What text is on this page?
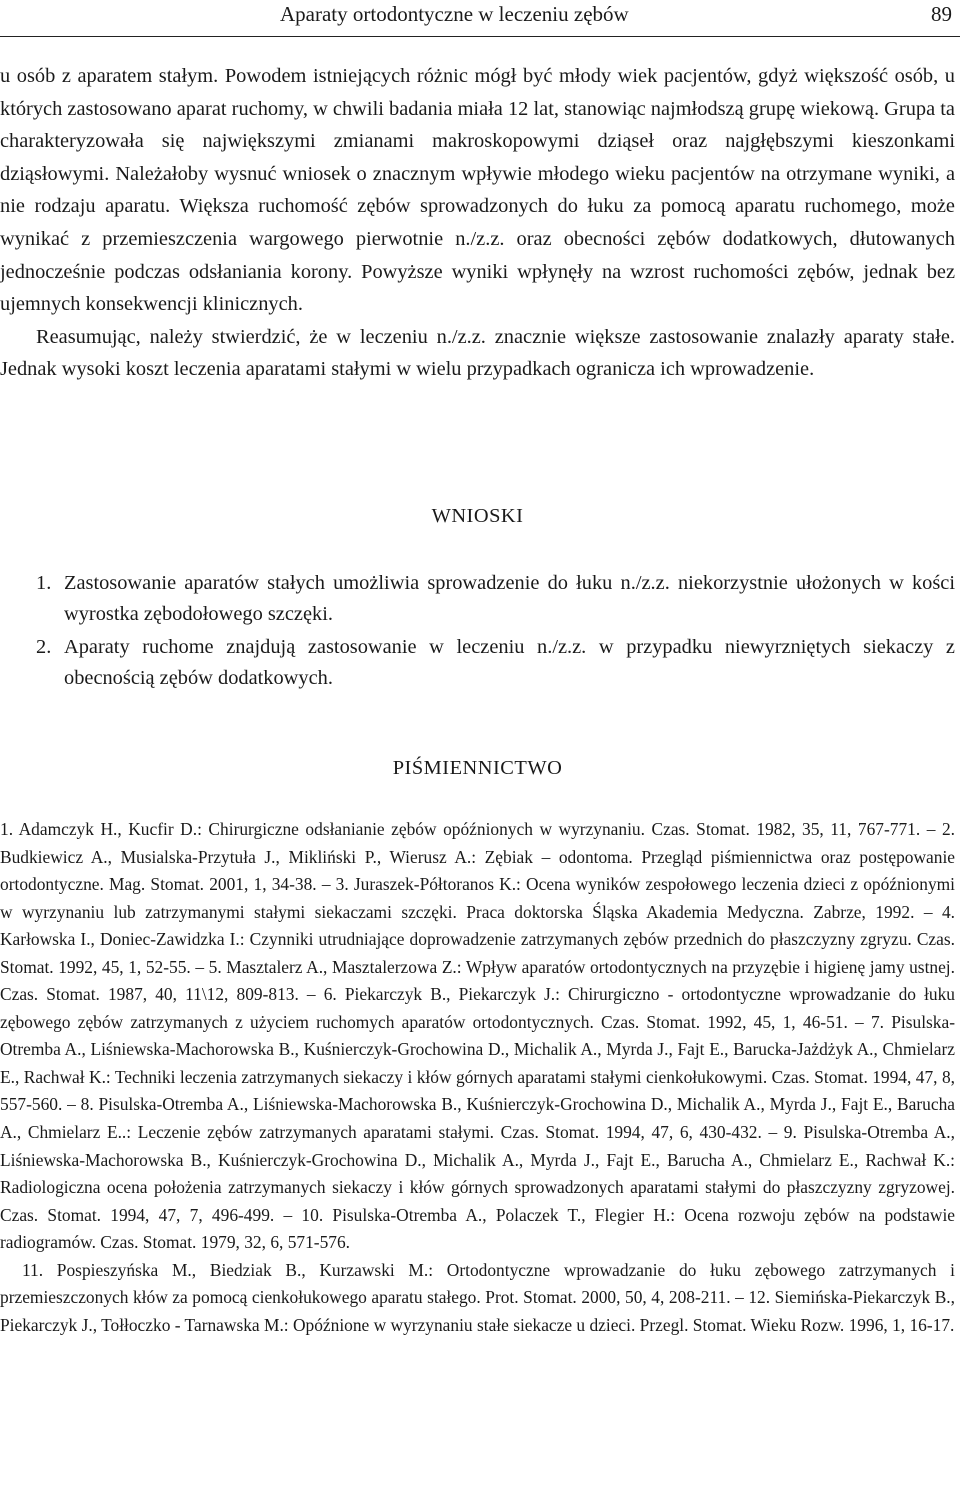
Aparaty ortodontyczne w leczeniu zębów	89

u osób z aparatem stałym. Powodem istniejących różnic mógł być młody wiek pacjentów, gdyż większość osób, u których zastosowano aparat ruchomy, w chwili badania miała 12 lat, stanowiąc najmłodszą grupę wiekową. Grupa ta charakteryzowała się największymi zmianami makroskopowymi dziąseł oraz najgłębszymi kieszonkami dziąsłowymi. Należałoby wysnuć wniosek o znacznym wpływie młodego wieku pacjentów na otrzymane wyniki, a nie rodzaju aparatu. Większa ruchomość zębów sprowadzonych do łuku za pomocą aparatu ruchomego, może wynikać z przemieszczenia wargowego pierwotnie n./z.z. oraz obecności zębów dodatkowych, dłutowanych jednocześnie podczas odsłaniania korony. Powyższe wyniki wpłynęły na wzrost ruchomości zębów, jednak bez ujemnych konsekwencji klinicznych.

Reasumując, należy stwierdzić, że w leczeniu n./z.z. znacznie większe zastosowanie znalazły aparaty stałe. Jednak wysoki koszt leczenia aparatami stałymi w wielu przypadkach ogranicza ich wprowadzenie.

WNIOSKI
1. Zastosowanie aparatów stałych umożliwia sprowadzenie do łuku n./z.z. niekorzystnie ułożonych w kości wyrostka zębodołowego szczęki.
2. Aparaty ruchome znajdują zastosowanie w leczeniu n./z.z. w przypadku niewyrzniętych siekaczy z obecnością zębów dodatkowych.
PIŚMIENNICTWO

1. Adamczyk H., Kucfir D.: Chirurgiczne odsłanianie zębów opóźnionych w wyrzynaniu. Czas. Stomat. 1982, 35, 11, 767-771. – 2. Budkiewicz A., Musialska-Przytuła J., Mikliński P., Wierusz A.: Zębiak – odontoma. Przegląd piśmiennictwa oraz postępowanie ortodontyczne. Mag. Stomat. 2001, 1, 34-38. – 3. Juraszek-Półtoranos K.: Ocena wyników zespołowego leczenia dzieci z opóźnionymi w wyrzynaniu lub zatrzymanymi stałymi siekaczami szczęki. Praca doktorska Śląska Akademia Medyczna. Zabrze, 1992. – 4. Karłowska I., Doniec-Zawidzka I.: Czynniki utrudniające doprowadzenie zatrzymanych zębów przednich do płaszczyzny zgryzu. Czas. Stomat. 1992, 45, 1, 52-55. – 5. Masztalerz A., Masztalerzowa Z.: Wpływ aparatów ortodontycznych na przyzębie i higienę jamy ustnej. Czas. Stomat. 1987, 40, 11\12, 809-813. – 6. Piekarczyk B., Piekarczyk J.: Chirurgiczno - ortodontyczne wprowadzanie do łuku zębowego zębów zatrzymanych z użyciem ruchomych aparatów ortodontycznych. Czas. Stomat. 1992, 45, 1, 46-51. – 7. Pisulska-Otremba A., Liśniewska-Machorowska B., Kuśnierczyk-Grochowina D., Michalik A., Myrda J., Fajt E., Barucka-Jażdżyk A., Chmielarz E., Rachwał K.: Techniki leczenia zatrzymanych siekaczy i kłów górnych aparatami stałymi cienkołukowymi. Czas. Stomat. 1994, 47, 8, 557-560. – 8. Pisulska-Otremba A., Liśniewska-Machorowska B., Kuśnierczyk-Grochowina D., Michalik A., Myrda J., Fajt E., Barucha A., Chmielarz E..: Leczenie zębów zatrzymanych aparatami stałymi. Czas. Stomat. 1994, 47, 6, 430-432. – 9. Pisulska-Otremba A., Liśniewska-Machorowska B., Kuśnierczyk-Grochowina D., Michalik A., Myrda J., Fajt E., Barucha A., Chmielarz E., Rachwał K.: Radiologiczna ocena położenia zatrzymanych siekaczy i kłów górnych sprowadzonych aparatami stałymi do płaszczyzny zgryzowej. Czas. Stomat. 1994, 47, 7, 496-499. – 10. Pisulska-Otremba A., Polaczek T., Flegier H.: Ocena rozwoju zębów na podstawie radiogramów. Czas. Stomat. 1979, 32, 6, 571-576.

11. Pospieszyńska M., Biedziak B., Kurzawski M.: Ortodontyczne wprowadzanie do łuku zębowego zatrzymanych i przemieszczonych kłów za pomocą cienkołukowego aparatu stałego. Prot. Stomat. 2000, 50, 4, 208-211. – 12. Siemińska-Piekarczyk B., Piekarczyk J., Tołłoczko - Tarnawska M.: Opóźnione w wyrzynaniu stałe siekacze u dzieci. Przegl. Stomat. Wieku Rozw. 1996, 1, 16-17.
